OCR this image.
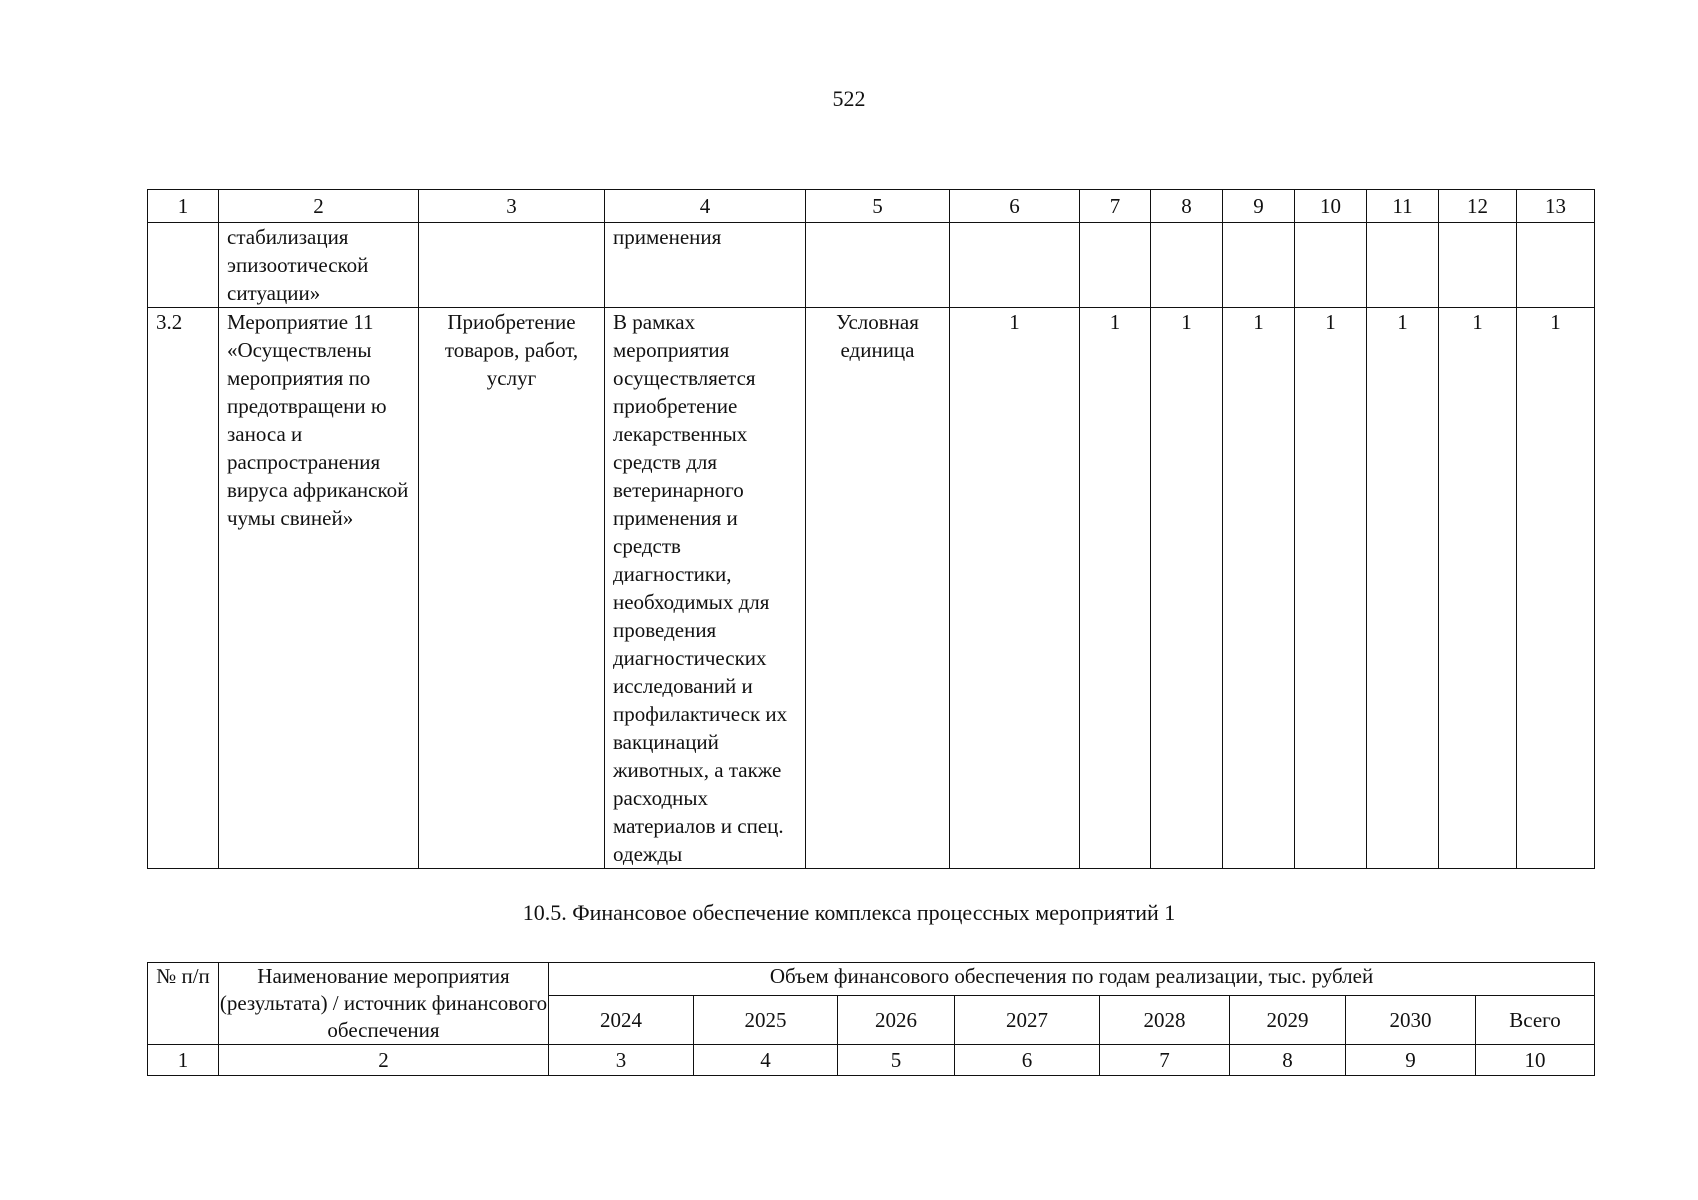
522
1	2	3	4	5	6	7	8	9	10	11	12	13
	стабилизация эпизоотической ситуации»		применения									
3.2	Мероприятие 11 «Осуществлены мероприятия по предотвращени ю заноса и распространения вируса африканской чумы свиней»	Приобретение товаров, работ, услуг	В рамках мероприятия осуществляется приобретение лекарственных средств для ветеринарного применения и средств диагностики, необходимых для проведения диагностических исследований и профилактическ их вакцинаций животных, а также расходных материалов и спец. одежды	Условная единица	1	1	1	1	1	1	1	1
10.5. Финансовое обеспечение комплекса процессных мероприятий 1
№ п/п	Наименование мероприятия (результата) / источник финансового обеспечения	Объем финансового обеспечения по годам реализации, тыс. рублей							
		2024	2025	2026	2027	2028	2029	2030	Всего
1	2	3	4	5	6	7	8	9	10
